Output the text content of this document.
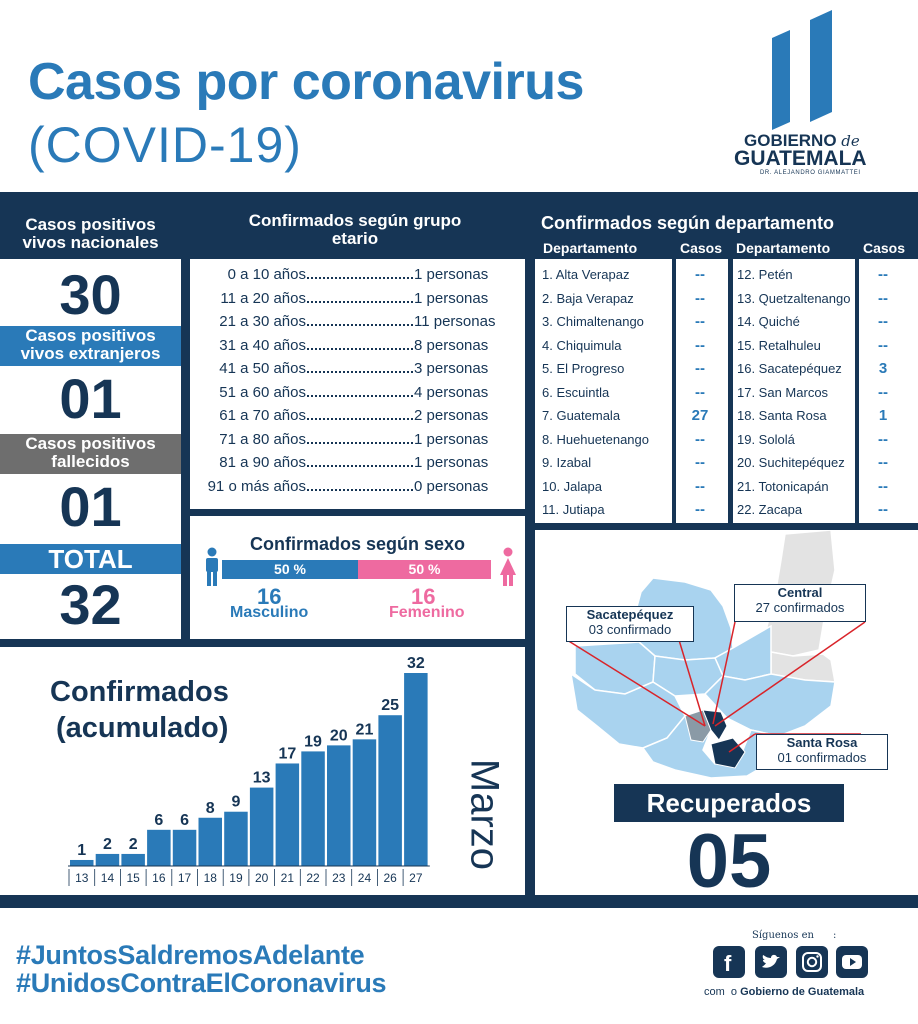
Casos por coronavirus
(COVID-19)	GOBIERNO de
GUATEMALA
DR. ALEJANDRO GIAMMATTEI
Casos positivos vivos nacionales
30
Casos positivos vivos extranjeros
01
Casos positivos fallecidos
01
TOTAL
32
Confirmados según grupo etario
0 a 10 años	1 personas
11 a 20 años	1 personas
21 a 30 años	11 personas
31 a 40 años	8 personas
41 a 50 años	3 personas
51 a 60 años	4 personas
61 a 70 años	2 personas
71 a 80 años	1 personas
81 a 90 años	1 personas
91 o más años	0 personas
Confirmados según departamento
Departamento	Casos Departamento Casos
1. Alta Verapaz	--
2. Baja Verapaz	--
3. Chimaltenango	--
4. Chiquimula	--
5. El Progreso	--
6. Escuintla	--
7. Guatemala	27
8. Huehuetenango	--
9. Izabal	--
10. Jalapa	--
11. Jutiapa	--
12. Petén	--
13. Quetzaltenango	--
14. Quiché	--
15. Retalhuleu	--
16. Sacatepéquez	3
17. San Marcos	--
18. Santa Rosa	1
19. Sololá	--
20. Suchitepéquez	--
21. Totonicapán	--
22. Zacapa	--
Confirmados según sexo
50 %	50 %
16
Masculino
16
Femenino
Confirmados
(acumulado)
1
13
2
14
2
15
6
16
6
17
8
18
9
19
13
20
17
21
19
22
20
23
21
24
25
26
32
27
Marzo
Sacatepéquez
03 confirmado
Central
27 confirmados
Santa Rosa
01 confirmados
Recuperados
05
#JuntosSaldremosAdelante
#UnidosContraElCoronavirus
Síguenos en :
f
com o Gobierno de Guatemala
